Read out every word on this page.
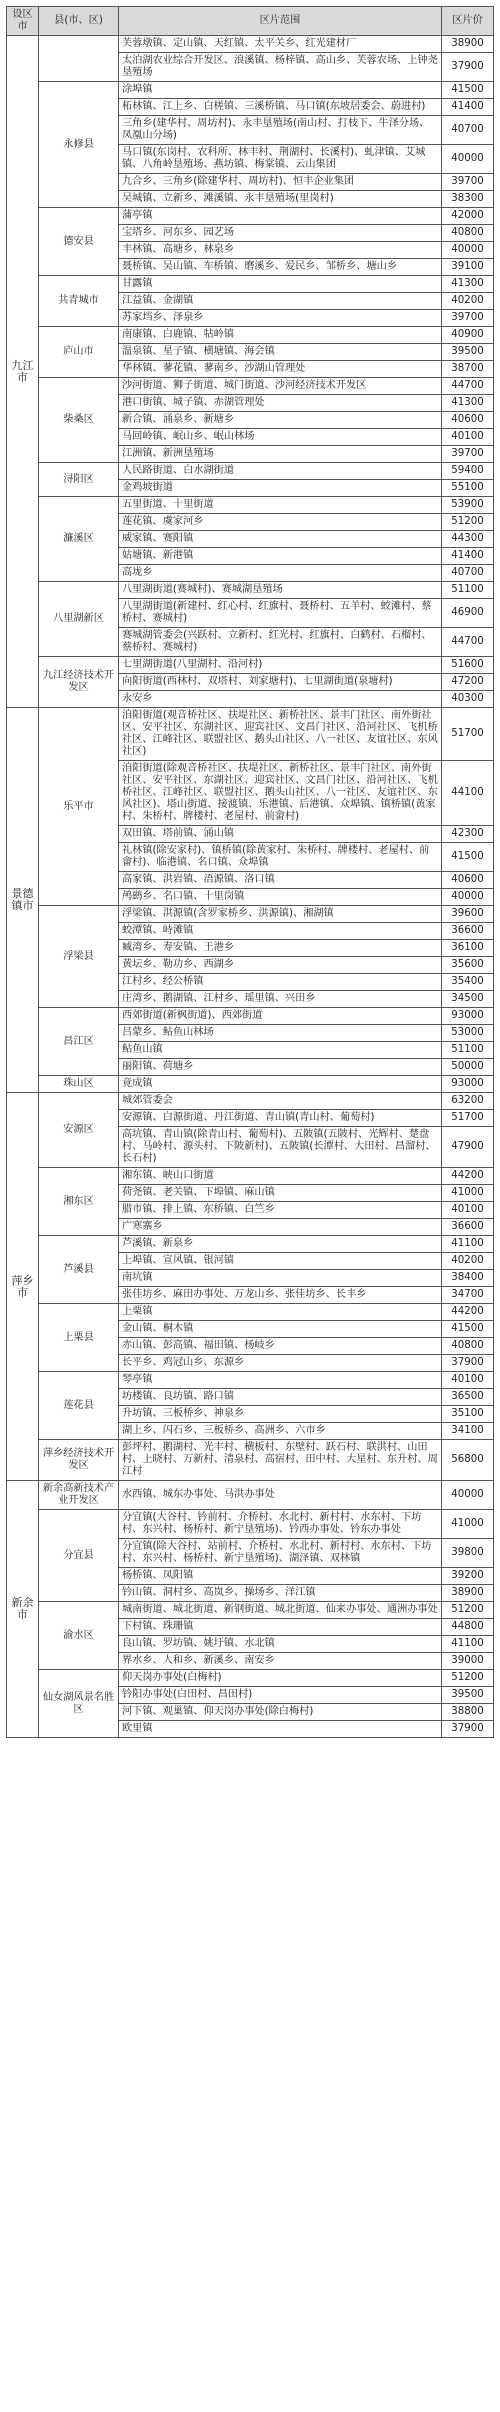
设区市	县(市、区)	区片范围	区片价
九江市		芙蓉墩镇、定山镇、天红镇、太平关乡、红光建材厂	38900
		太泊湖农业综合开发区、浪溪镇、杨梓镇、高山乡、芙蓉农场、上钟尧垦殖场	37900
	永修县	涂埠镇	41500
		柘林镇、江上乡、白槎镇、三溪桥镇、马口镇(东坡居委会、蔚进村)	41400
		三角乡(建华村、周坊村)、永丰垦殖场(南山村、打枝下、牛泽分场、凤凰山分场)	40700
		马口镇(东岗村、农科所、林丰村、荆湖村、长溪村)、虬津镇、艾城镇、八角岭垦殖场、燕坊镇、梅棠镇、云山集团	40000
		九合乡、三角乡(除建华村、周坊村)、恒丰企业集团	39700
		吴城镇、立新乡、滩溪镇、永丰垦殖场(里岗村)	38300
	德安县	蒲亭镇	42000
		宝塔乡、河东乡、园艺场	40800
		丰林镇、高塘乡、林泉乡	40000
		聂桥镇、吴山镇、车桥镇、磨溪乡、爱民乡、邹桥乡、塘山乡	39100
	共青城市	甘露镇	41300
		江益镇、金湖镇	40200
		苏家垱乡、泽泉乡	39700
	庐山市	南康镇、白鹿镇、牯岭镇	40900
		温泉镇、星子镇、横塘镇、海会镇	39500
		华林镇、蓼花镇、蓼南乡、沙湖山管理处	38700
	柴桑区	沙河街道、狮子街道、城门街道、沙河经济技术开发区	44700
		港口街镇、城子镇、赤湖管理处	41300
		新合镇、涌泉乡、新塘乡	40600
		马回岭镇、岷山乡、岷山林场	40100
		江洲镇、新洲垦殖场	39700
	浔阳区	人民路街道、白水湖街道	59400
		金鸡坡街道	55100
	濂溪区	五里街道、十里街道	53900
		莲花镇、虞家河乡	51200
		威家镇、赛阳镇	44300
		姑塘镇、新港镇	41400
		高垅乡	40700
	八里湖新区	八里湖街道(赛城村)、赛城湖垦殖场	51100
		八里湖街道(新建村、红心村、红旗村、聂桥村、五羊村、蛟滩村、蔡桥村、赛城村)	46900
		赛城湖管委会(兴跃村、立新村、红光村、红旗村、白鹤村、石榴村、蔡桥村、赛城村)	44700
	九江经济技术开发区	七里湖街道(八里湖村、沿河村)	51600
		向阳街道(西林村、双塔村、刘家塘村)、七里湖街道(泉塘村)	47200
		永安乡	40300
景德镇市	乐平市	洎阳街道(观音桥社区、扶堤社区、新桥社区、景丰门社区、南外街社区、安平社区、东湖社区、迎宾社区、文昌门社区、沿河社区、飞机桥社区、江峰社区、联盟社区、鹅头山社区、八一社区、友谊社区、东风社区)	51700
		洎阳街道(除观音桥社区、扶堤社区、新桥社区、景丰门社区、南外街社区、安平社区、东湖社区、迎宾社区、文昌门社区、沿河社区、飞机桥社区、江峰社区、联盟社区、鹅头山社区、八一社区、友谊社区、东风社区)、塔山街道、接渡镇、乐港镇、后港镇、众埠镇、镇桥镇(黄家村、朱桥村、牌楼村、老屋村、前畲村)	44100
		双田镇、塔前镇、涌山镇	42300
		礼林镇(除安家村)、镇桥镇(除黄家村、朱桥村、牌楼村、老屋村、前畲村)、临港镇、名口镇、众埠镇	41500
		高家镇、洪岩镇、浯源镇、洛口镇	40600
		鸬鹚乡、名口镇、十里岗镇	40000
	浮梁县	浮梁镇、洪源镇(含罗家桥乡、洪源镇)、湘湖镇	39600
		蛟潭镇、峙滩镇	36600
		臧湾乡、寿安镇、王港乡	36100
		黄坛乡、勒功乡、西湖乡	35600
		江村乡、经公桥镇	35400
		庄湾乡、鹅湖镇、江村乡、瑶里镇、兴田乡	34500
	昌江区	西郊街道(新枫街道)、西郊街道	93000
		吕蒙乡、鲇鱼山林场	53000
		鲇鱼山镇	51100
		丽阳镇、荷塘乡	50000
	珠山区	竟成镇	93000
萍乡市	安源区	城郊管委会	63200
		安源镇、白源街道、丹江街道、青山镇(青山村、葡萄村)	51700
		高坑镇、青山镇(除青山村、葡萄村)、五陂镇(五陂村、光辉村、楚盘村、马岭村、源头村、下陂新村)、五陂镇(长潭村、大田村、昌溜村、长石村)	47900
	湘东区	湘东镇、峡山口街道	44200
		荷尧镇、老关镇、下埠镇、麻山镇	41000
		腊市镇、排上镇、东桥镇、白竺乡	40100
		广寒寨乡	36600
	芦溪县	芦溪镇、新泉乡	41100
		上埠镇、宣风镇、银河镇	40200
		南坑镇	38400
		张佳坊乡、麻田办事处、万龙山乡、张佳坊乡、长丰乡	34700
	上栗县	上栗镇	44200
		金山镇、桐木镇	41500
		赤山镇、彭高镇、福田镇、杨岐乡	40800
		长平乡、鸡冠山乡、东源乡	37900
	莲花县	琴亭镇	40100
		坊楼镇、良坊镇、路口镇	36500
		升坊镇、三板桥乡、神泉乡	35100
		湖上乡、闪石乡、三板桥乡、高洲乡、六市乡	34100
	萍乡经济技术开发区	彭坪村、鹅湖村、光丰村、横板村、东壁村、跃石村、联洪村、山田村、上晓村、万新村、清泉村、高宿村、田中村、大星村、东升村、周江村	56800
新余市	新余高新技术产业开发区	水西镇、城东办事处、马洪办事处	40000
	分宜县	分宜镇(大谷村、钤前村、介桥村、水北村、新村村、水东村、下坊村、东兴村、杨桥村、新宁垦殖场)、钤西办事处、钤东办事处	41000
		分宜镇(除大谷村、站前村、介桥村、水北村、新村村、水东村、下坊村、东兴村、杨桥村、新宁垦殖场)、湖泽镇、双林镇	39800
		杨桥镇、凤阳镇	39200
		钤山镇、洞村乡、高岚乡、操场乡、洋江镇	38900
	渝水区	城南街道、城北街道、新钢街道、城北街道、仙来办事处、通洲办事处	51200
		下村镇、珠珊镇	44800
		良山镇、罗坊镇、姚圩镇、水北镇	41100
		界水乡、人和乡、新溪乡、南安乡	39000
	仙女湖风景名胜区	仰天岗办事处(白梅村)	51200
		钤阳办事处(白田村、昌田村)	39500
		河下镇、观巢镇、仰天岗办事处(除白梅村)	38800
		欧里镇	37900
